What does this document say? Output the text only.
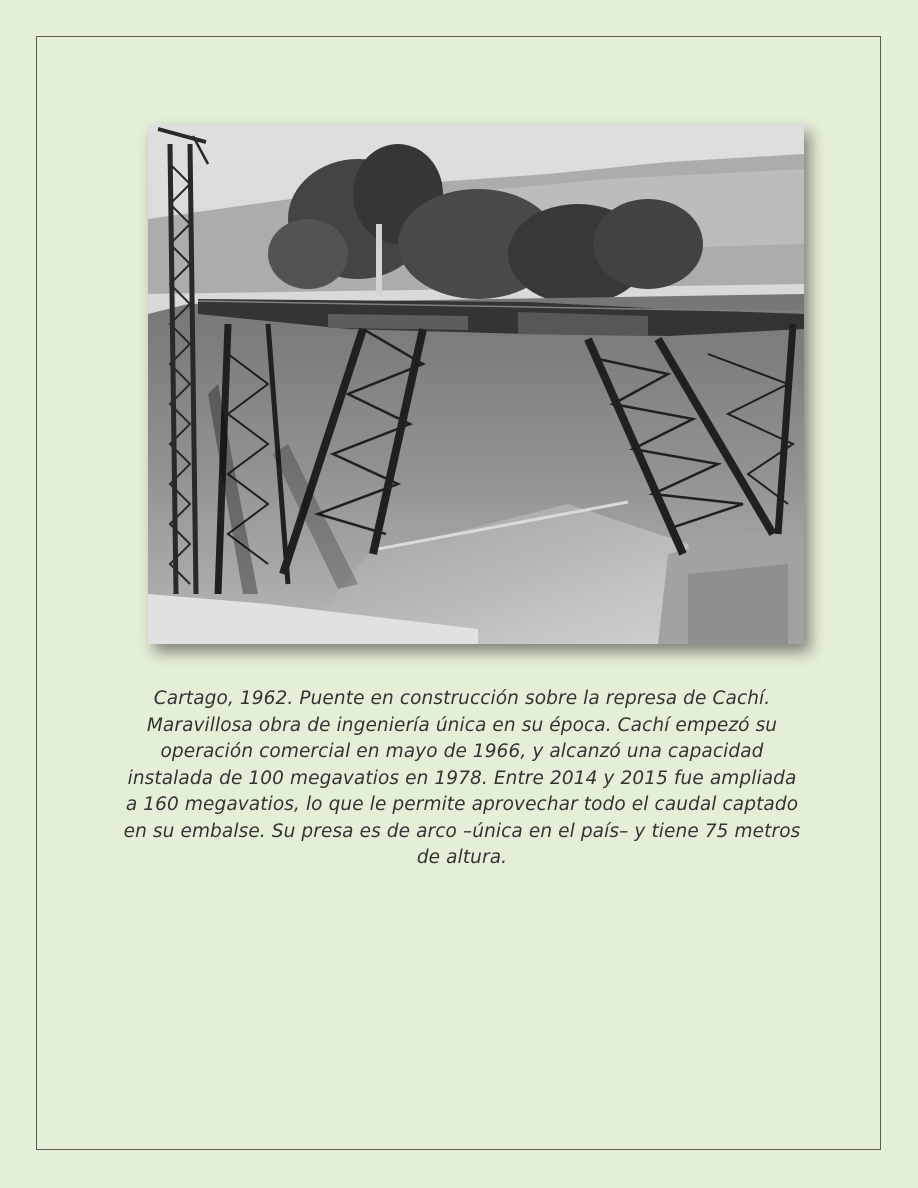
Cartago, 1962. Puente en construcción sobre la represa de Cachí. Maravillosa obra de ingeniería única en su época. Cachí empezó su operación comercial en mayo de 1966, y alcanzó una capacidad instalada de 100 megavatios en 1978. Entre 2014 y 2015 fue ampliada a 160 megavatios, lo que le permite aprovechar todo el caudal captado en su embalse. Su presa es de arco –única en el país– y tiene 75 metros de altura.
